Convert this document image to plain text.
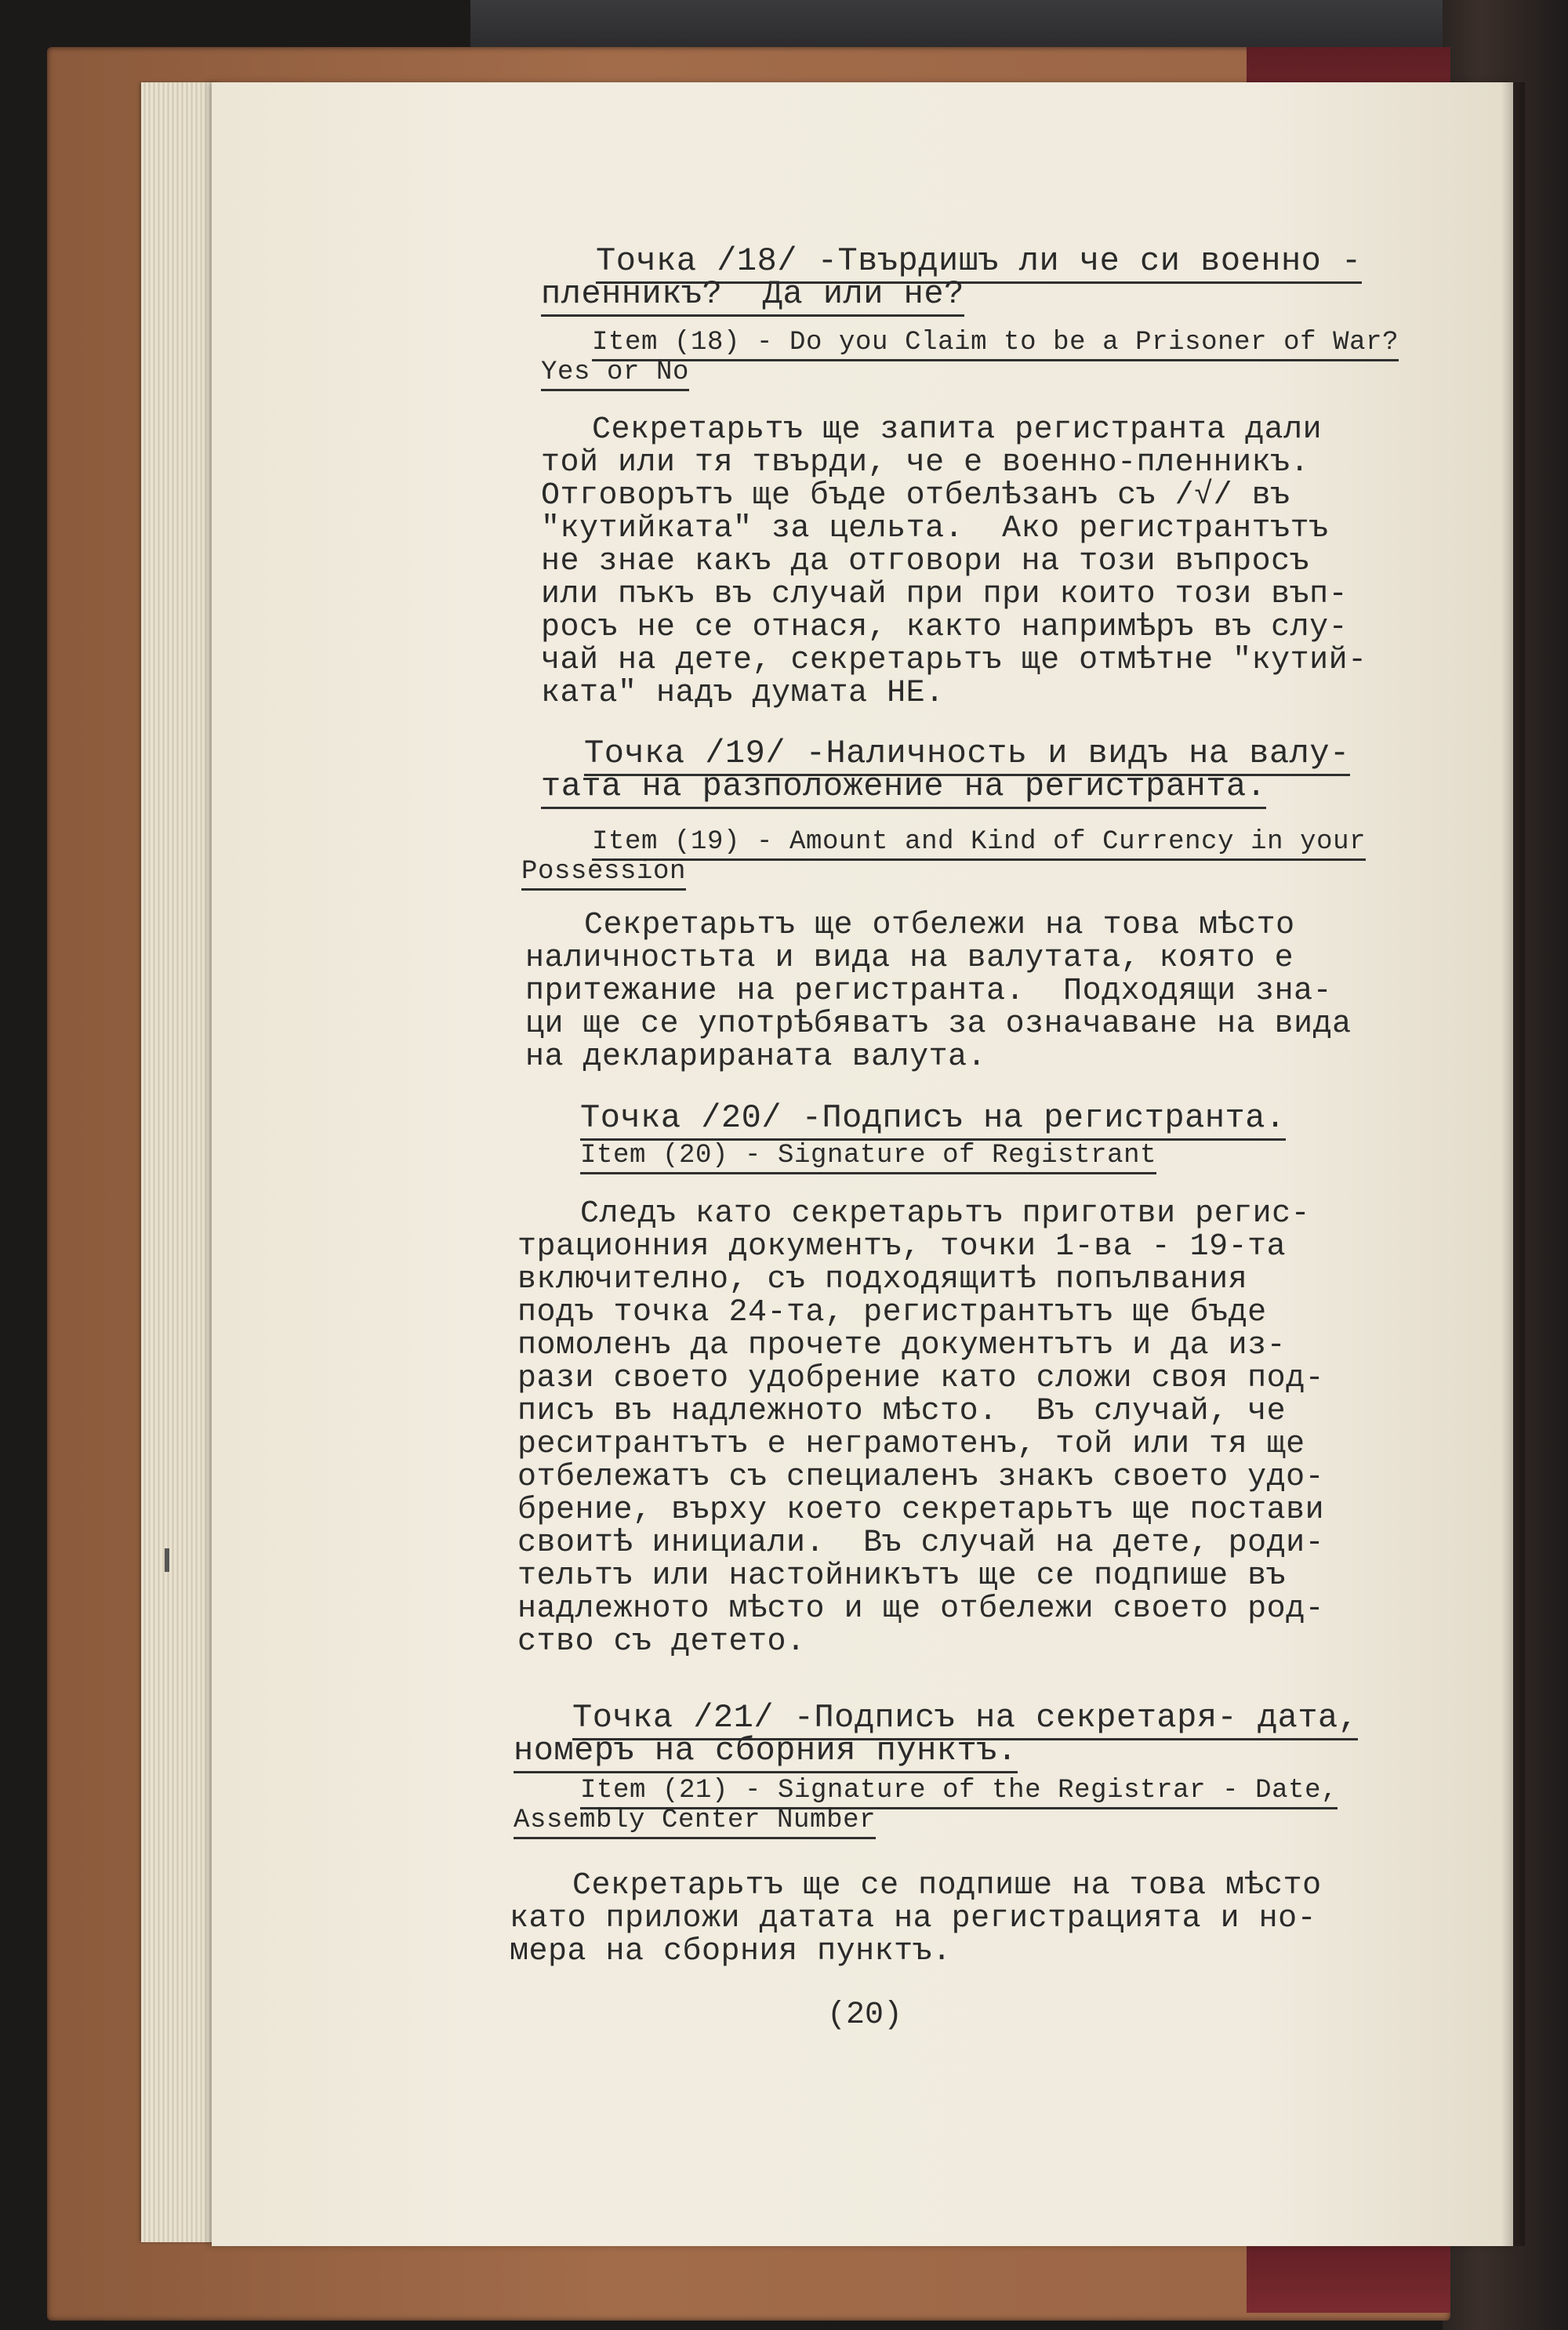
Точка /18/ -Твърдишъ ли че си военно -
пленникъ?  Да или не?
Item (18) - Do you Claim to be a Prisoner of War?
Yes or No
Секретарьтъ ще запита регистранта дали
той или тя твърди, че е военно-пленникъ.
Отговорътъ ще бъде отбелѣзанъ съ /√/ въ
"кутийката" за цельта.  Ако регистрантътъ
не знае какъ да отговори на този въпросъ
или пъкъ въ случай при при които този въп-
росъ не се отнася, както напримѣръ въ слу-
чай на дете, секретарьтъ ще отмѣтне "кутий-
ката" надъ думата НЕ.
Точка /19/ -Наличность и видъ на валу-
тата на разположение на регистранта.
Item (19) - Amount and Kind of Currency in your
Possession
Секретарьтъ ще отбележи на това мѣсто
наличностьта и вида на валутата, която е
притежание на регистранта.  Подходящи зна-
ци ще се употрѣбяватъ за означаване на вида
на декларираната валута.
Точка /20/ -Подписъ на регистранта.
Item (20) - Signature of Registrant
Следъ като секретарьтъ приготви регис-
трационния документъ, точки 1-ва - 19-та
включително, съ подходящитѣ попълвания
подъ точка 24-та, регистрантътъ ще бъде
помоленъ да прочете документътъ и да из-
рази своето удобрение като сложи своя под-
писъ въ надлежното мѣсто.  Въ случай, че
реситрантътъ е неграмотенъ, той или тя ще
отбележатъ съ специаленъ знакъ своето удо-
брение, върху което секретарьтъ ще постави
своитѣ инициали.  Въ случай на дете, роди-
тельтъ или настойникътъ ще се подпише въ
надлежното мѣсто и ще отбележи своето род-
ство съ детето.
Точка /21/ -Подписъ на секретаря- дата,
номеръ на сборния пунктъ.
Item (21) - Signature of the Registrar - Date,
Assembly Center Number
Секретарьтъ ще се подпише на това мѣсто
като приложи датата на регистрацията и но-
мера на сборния пунктъ.
(20)
